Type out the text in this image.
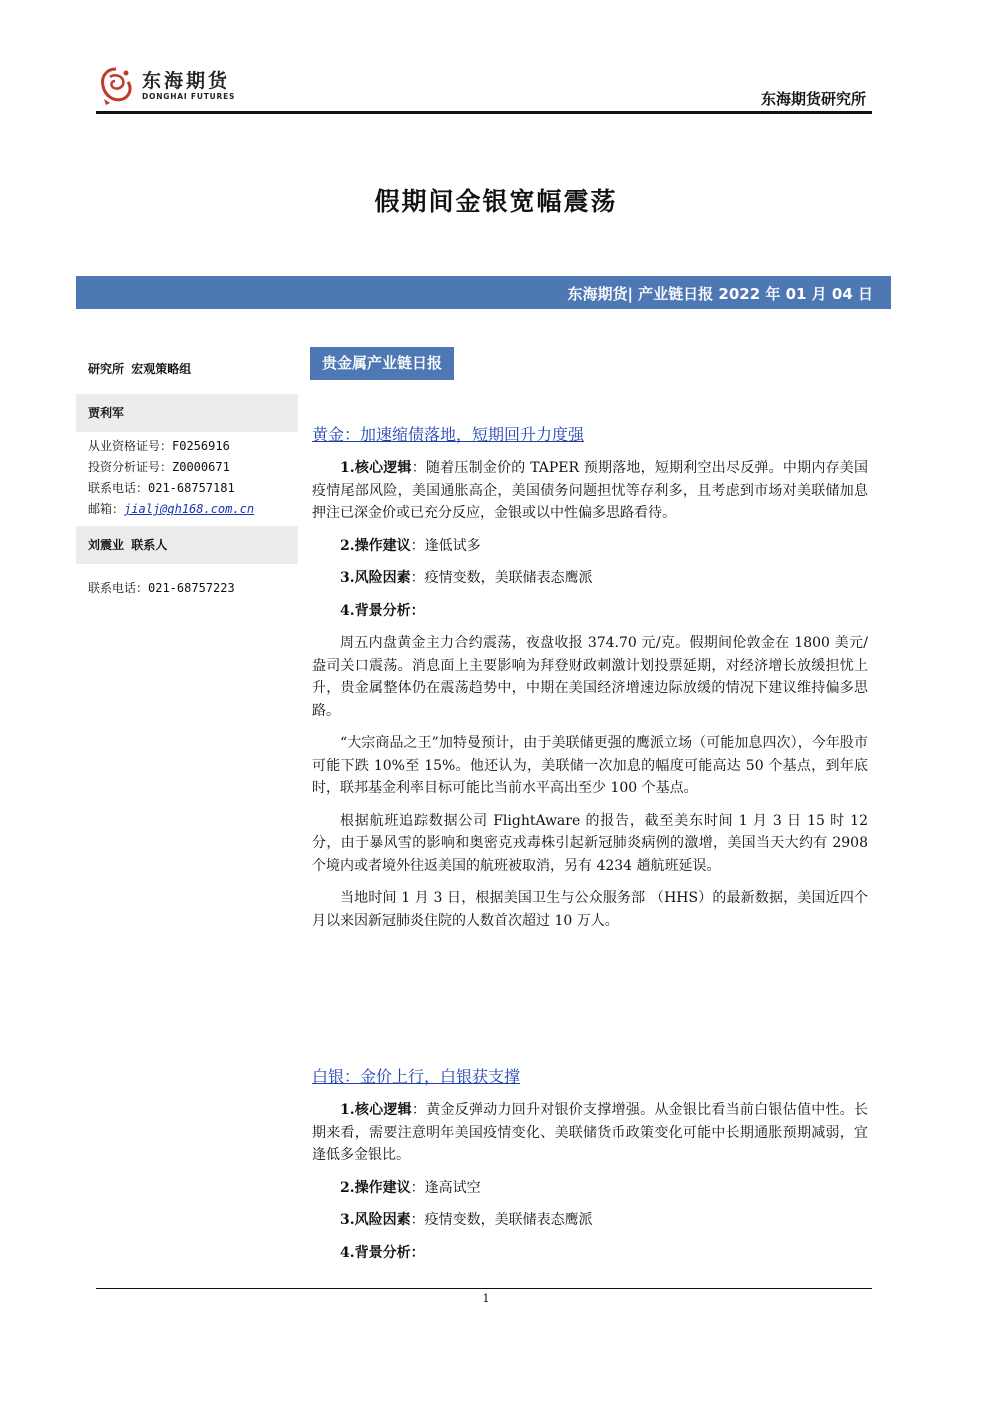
东海期货
DONGHAI FUTURES	东海期货研究所
假期间金银宽幅震荡
东海期货| 产业链日报 2022 年 01 月 04 日
研究所 宏观策略组
贾利军
从业资格证号：F0256916
投资分析证号：Z0000671
联系电话：021-68757181
邮箱：jialj@qh168.com.cn
刘震业 联系人
联系电话：021-68757223
贵金属产业链日报
黄金：加速缩债落地，短期回升力度强

1.核心逻辑：随着压制金价的 TAPER 预期落地，短期利空出尽反弹。中期内存美国疫情尾部风险，美国通胀高企，美国债务问题担忧等存利多，且考虑到市场对美联储加息押注已深金价或已充分反应，金银或以中性偏多思路看待。

2.操作建议：逢低试多

3.风险因素：疫情变数，美联储表态鹰派

4.背景分析：

周五内盘黄金主力合约震荡，夜盘收报 374.70 元/克。假期间伦敦金在 1800 美元/盎司关口震荡。消息面上主要影响为拜登财政刺激计划投票延期，对经济增长放缓担忧上升，贵金属整体仍在震荡趋势中，中期在美国经济增速边际放缓的情况下建议维持偏多思路。

“大宗商品之王”加特曼预计，由于美联储更强的鹰派立场（可能加息四次），今年股市可能下跌 10%至 15%。他还认为，美联储一次加息的幅度可能高达 50 个基点，到年底时，联邦基金利率目标可能比当前水平高出至少 100 个基点。

根据航班追踪数据公司 FlightAware 的报告，截至美东时间 1 月 3 日 15 时 12 分，由于暴风雪的影响和奥密克戎毒株引起新冠肺炎病例的激增，美国当天大约有 2908 个境内或者境外往返美国的航班被取消，另有 4234 趟航班延误。

当地时间 1 月 3 日，根据美国卫生与公众服务部 （HHS）的最新数据，美国近四个月以来因新冠肺炎住院的人数首次超过 10 万人。

白银：金价上行，白银获支撑

1.核心逻辑：黄金反弹动力回升对银价支撑增强。从金银比看当前白银估值中性。长期来看，需要注意明年美国疫情变化、美联储货币政策变化可能中长期通胀预期减弱，宜逢低多金银比。

2.操作建议：逢高试空

3.风险因素：疫情变数，美联储表态鹰派

4.背景分析：

1
